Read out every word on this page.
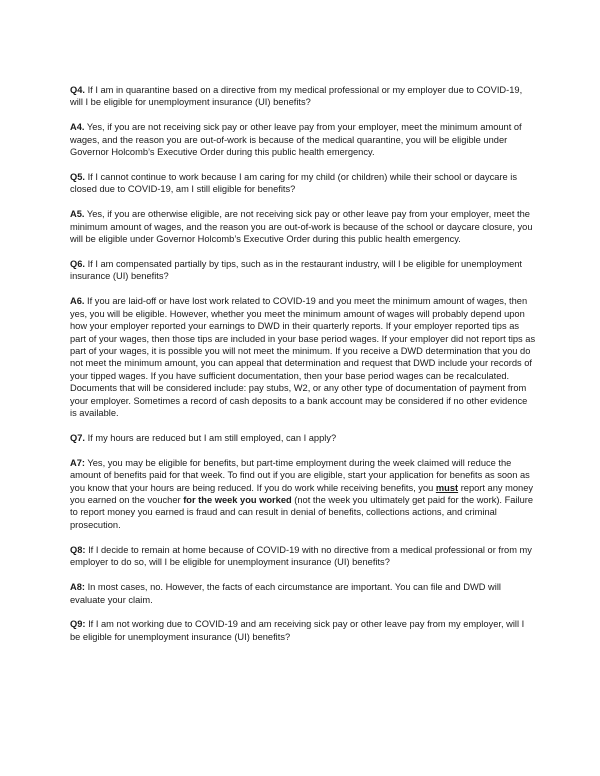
Q4. If I am in quarantine based on a directive from my medical professional or my employer due to COVID-19, will I be eligible for unemployment insurance (UI) benefits?

A4. Yes, if you are not receiving sick pay or other leave pay from your employer, meet the minimum amount of wages, and the reason you are out-of-work is because of the medical quarantine, you will be eligible under Governor Holcomb’s Executive Order during this public health emergency.

Q5. If I cannot continue to work because I am caring for my child (or children) while their school or daycare is closed due to COVID-19, am I still eligible for benefits?

A5. Yes, if you are otherwise eligible, are not receiving sick pay or other leave pay from your employer, meet the minimum amount of wages, and the reason you are out-of-work is because of the school or daycare closure, you will be eligible under Governor Holcomb’s Executive Order during this public health emergency.

Q6. If I am compensated partially by tips, such as in the restaurant industry, will I be eligible for unemployment insurance (UI) benefits?

A6. If you are laid-off or have lost work related to COVID-19 and you meet the minimum amount of wages, then yes, you will be eligible. However, whether you meet the minimum amount of wages will probably depend upon how your employer reported your earnings to DWD in their quarterly reports. If your employer reported tips as part of your wages, then those tips are included in your base period wages. If your employer did not report tips as part of your wages, it is possible you will not meet the minimum. If you receive a DWD determination that you do not meet the minimum amount, you can appeal that determination and request that DWD include your records of your tipped wages. If you have sufficient documentation, then your base period wages can be recalculated. Documents that will be considered include: pay stubs, W2, or any other type of documentation of payment from your employer. Sometimes a record of cash deposits to a bank account may be considered if no other evidence is available.

Q7. If my hours are reduced but I am still employed, can I apply?

A7: Yes, you may be eligible for benefits, but part-time employment during the week claimed will reduce the amount of benefits paid for that week. To find out if you are eligible, start your application for benefits as soon as you know that your hours are being reduced. If you do work while receiving benefits, you must report any money you earned on the voucher for the week you worked (not the week you ultimately get paid for the work). Failure to report money you earned is fraud and can result in denial of benefits, collections actions, and criminal prosecution.

Q8: If I decide to remain at home because of COVID-19 with no directive from a medical professional or from my employer to do so, will I be eligible for unemployment insurance (UI) benefits?

A8: In most cases, no. However, the facts of each circumstance are important. You can file and DWD will evaluate your claim.

Q9: If I am not working due to COVID-19 and am receiving sick pay or other leave pay from my employer, will I be eligible for unemployment insurance (UI) benefits?
